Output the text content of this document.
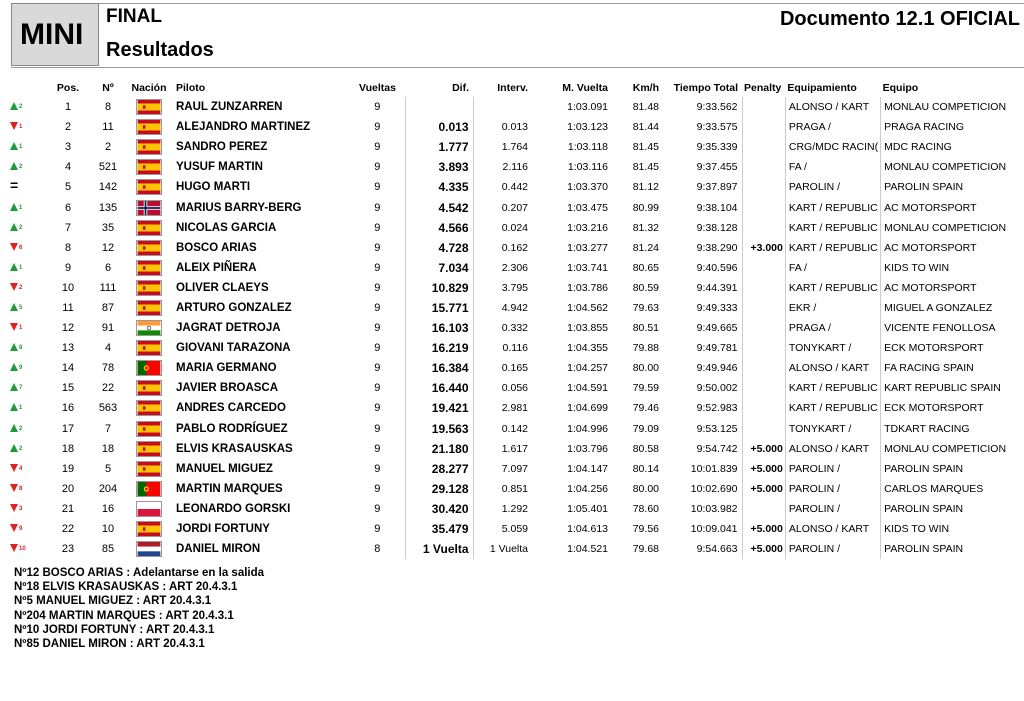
MINI
FINAL
Resultados
Documento 12.1 OFICIAL
	Pos.	Nº	Nación	Piloto	Vueltas	Dif.	Interv.	M. Vuelta	Km/h	Tiempo Total	Penalty	Equipamiento	Equipo

2	1	8		RAUL ZUNZARREN	9			1:03.091	81.48	9:33.562		ALONSO / KART	MONLAU COMPETICION

1	2	11		ALEJANDRO MARTINEZ	9	0.013	0.013	1:03.123	81.44	9:33.575		PRAGA /	PRAGA RACING

1	3	2		SANDRO PEREZ	9	1.777	1.764	1:03.118	81.45	9:35.339		CRG/MDC RACIN(	MDC RACING

2	4	521		YUSUF MARTIN	9	3.893	2.116	1:03.116	81.45	9:37.455		FA /	MONLAU COMPETICION

=	5	142		HUGO MARTI	9	4.335	0.442	1:03.370	81.12	9:37.897		PAROLIN /	PAROLIN SPAIN

1	6	135		MARIUS BARRY-BERG	9	4.542	0.207	1:03.475	80.99	9:38.104		KART / REPUBLIC	AC MOTORSPORT

2	7	35		NICOLAS GARCIA	9	4.566	0.024	1:03.216	81.32	9:38.128		KART / REPUBLIC	MONLAU COMPETICION

6	8	12		BOSCO ARIAS	9	4.728	0.162	1:03.277	81.24	9:38.290	+3.000	KART / REPUBLIC	AC MOTORSPORT

1	9	6		ALEIX PIÑERA	9	7.034	2.306	1:03.741	80.65	9:40.596		FA /	KIDS TO WIN

2	10	111		OLIVER CLAEYS	9	10.829	3.795	1:03.786	80.59	9:44.391		KART / REPUBLIC	AC MOTORSPORT

5	11	87		ARTURO GONZALEZ	9	15.771	4.942	1:04.562	79.63	9:49.333		EKR /	MIGUEL A GONZALEZ

1	12	91		JAGRAT DETROJA	9	16.103	0.332	1:03.855	80.51	9:49.665		PRAGA /	VICENTE FENOLLOSA

8	13	4		GIOVANI TARAZONA	9	16.219	0.116	1:04.355	79.88	9:49.781		TONYKART /	ECK MOTORSPORT

9	14	78		MARIA GERMANO	9	16.384	0.165	1:04.257	80.00	9:49.946		ALONSO / KART	FA RACING SPAIN

7	15	22		JAVIER BROASCA	9	16.440	0.056	1:04.591	79.59	9:50.002		KART / REPUBLIC	KART REPUBLIC SPAIN

1	16	563		ANDRES CARCEDO	9	19.421	2.981	1:04.699	79.46	9:52.983		KART / REPUBLIC	ECK MOTORSPORT

2	17	7		PABLO RODRÍGUEZ	9	19.563	0.142	1:04.996	79.09	9:53.125		TONYKART /	TDKART RACING

2	18	18		ELVIS KRASAUSKAS	9	21.180	1.617	1:03.796	80.58	9:54.742	+5.000	ALONSO / KART	MONLAU COMPETICION

4	19	5		MANUEL MIGUEZ	9	28.277	7.097	1:04.147	80.14	10:01.839	+5.000	PAROLIN /	PAROLIN SPAIN

8	20	204		MARTIN MARQUES	9	29.128	0.851	1:04.256	80.00	10:02.690	+5.000	PAROLIN /	CARLOS MARQUES

3	21	16		LEONARDO GORSKI	9	30.420	1.292	1:05.401	78.60	10:03.982		PAROLIN /	PAROLIN SPAIN

9	22	10		JORDI FORTUNY	9	35.479	5.059	1:04.613	79.56	10:09.041	+5.000	ALONSO / KART	KIDS TO WIN

10	23	85		DANIEL MIRON	8	1 Vuelta	1 Vuelta	1:04.521	79.68	9:54.663	+5.000	PAROLIN /	PAROLIN SPAIN
Nº12 BOSCO ARIAS : Adelantarse en la salida
Nº18 ELVIS KRASAUSKAS : ART 20.4.3.1
Nº5 MANUEL MIGUEZ : ART 20.4.3.1
Nº204 MARTIN MARQUES : ART 20.4.3.1
Nº10 JORDI FORTUNY : ART 20.4.3.1
Nº85 DANIEL MIRON : ART 20.4.3.1
